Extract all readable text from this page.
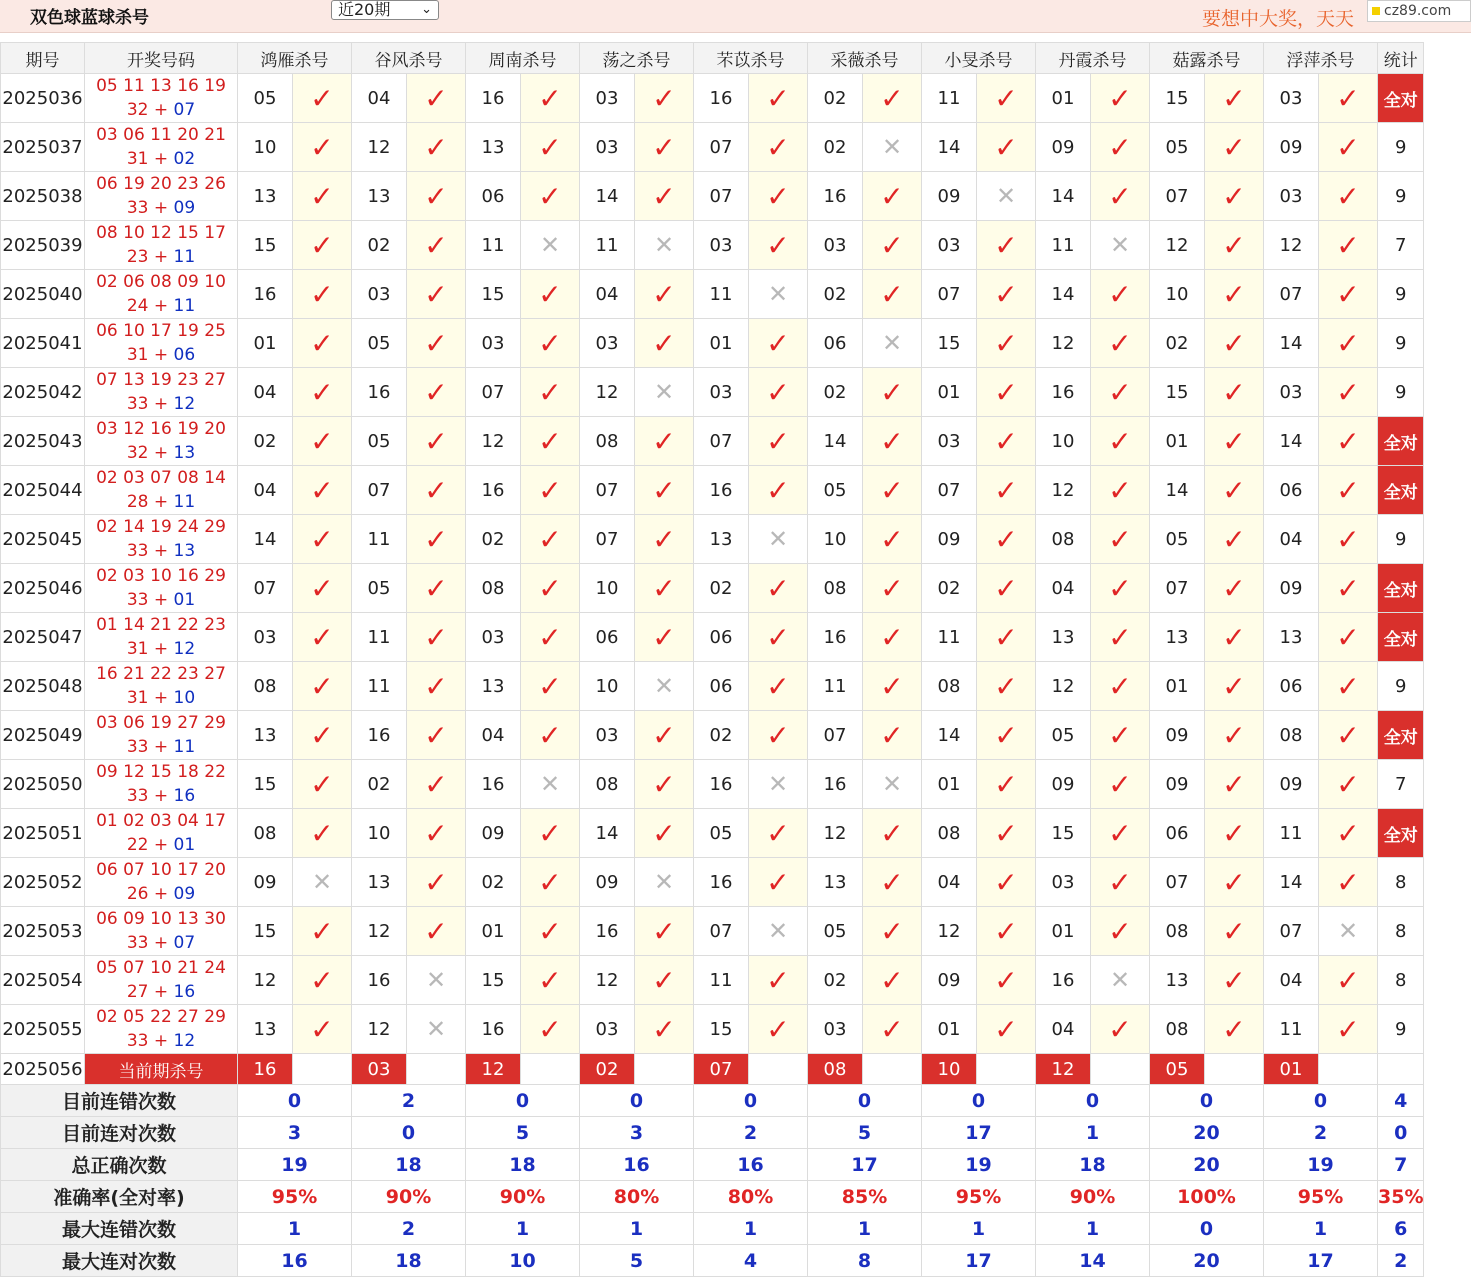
双色球蓝球杀号	近20期 ⌄	要想中大奖，天天	cz89.com
期号	开奖号码	鸿雁杀号		谷风杀号		周南杀号		荡之杀号		芣苡杀号		采薇杀号		小旻杀号		丹霞杀号		菇露杀号		浮萍杀号		统计
2025036	05 11 13 16 19
32 + 07	05	✓	04	✓	16	✓	03	✓	16	✓	02	✓	11	✓	01	✓	15	✓	03	✓	全对
2025037	03 06 11 20 21
31 + 02	10	✓	12	✓	13	✓	03	✓	07	✓	02	✕	14	✓	09	✓	05	✓	09	✓	9
2025038	06 19 20 23 26
33 + 09	13	✓	13	✓	06	✓	14	✓	07	✓	16	✓	09	✕	14	✓	07	✓	03	✓	9
2025039	08 10 12 15 17
23 + 11	15	✓	02	✓	11	✕	11	✕	03	✓	03	✓	03	✓	11	✕	12	✓	12	✓	7
2025040	02 06 08 09 10
24 + 11	16	✓	03	✓	15	✓	04	✓	11	✕	02	✓	07	✓	14	✓	10	✓	07	✓	9
2025041	06 10 17 19 25
31 + 06	01	✓	05	✓	03	✓	03	✓	01	✓	06	✕	15	✓	12	✓	02	✓	14	✓	9
2025042	07 13 19 23 27
33 + 12	04	✓	16	✓	07	✓	12	✕	03	✓	02	✓	01	✓	16	✓	15	✓	03	✓	9
2025043	03 12 16 19 20
32 + 13	02	✓	05	✓	12	✓	08	✓	07	✓	14	✓	03	✓	10	✓	01	✓	14	✓	全对
2025044	02 03 07 08 14
28 + 11	04	✓	07	✓	16	✓	07	✓	16	✓	05	✓	07	✓	12	✓	14	✓	06	✓	全对
2025045	02 14 19 24 29
33 + 13	14	✓	11	✓	02	✓	07	✓	13	✕	10	✓	09	✓	08	✓	05	✓	04	✓	9
2025046	02 03 10 16 29
33 + 01	07	✓	05	✓	08	✓	10	✓	02	✓	08	✓	02	✓	04	✓	07	✓	09	✓	全对
2025047	01 14 21 22 23
31 + 12	03	✓	11	✓	03	✓	06	✓	06	✓	16	✓	11	✓	13	✓	13	✓	13	✓	全对
2025048	16 21 22 23 27
31 + 10	08	✓	11	✓	13	✓	10	✕	06	✓	11	✓	08	✓	12	✓	01	✓	06	✓	9
2025049	03 06 19 27 29
33 + 11	13	✓	16	✓	04	✓	03	✓	02	✓	07	✓	14	✓	05	✓	09	✓	08	✓	全对
2025050	09 12 15 18 22
33 + 16	15	✓	02	✓	16	✕	08	✓	16	✕	16	✕	01	✓	09	✓	09	✓	09	✓	7
2025051	01 02 03 04 17
22 + 01	08	✓	10	✓	09	✓	14	✓	05	✓	12	✓	08	✓	15	✓	06	✓	11	✓	全对
2025052	06 07 10 17 20
26 + 09	09	✕	13	✓	02	✓	09	✕	16	✓	13	✓	04	✓	03	✓	07	✓	14	✓	8
2025053	06 09 10 13 30
33 + 07	15	✓	12	✓	01	✓	16	✓	07	✕	05	✓	12	✓	01	✓	08	✓	07	✕	8
2025054	05 07 10 21 24
27 + 16	12	✓	16	✕	15	✓	12	✓	11	✓	02	✓	09	✓	16	✕	13	✓	04	✓	8
2025055	02 05 22 27 29
33 + 12	13	✓	12	✕	16	✓	03	✓	15	✓	03	✓	01	✓	04	✓	08	✓	11	✓	9
2025056	当前期杀号	16		03		12		02		07		08		10		12		05		01		
目前连错次数		0		2		0		0		0		0		0		0		0		0		4
目前连对次数		3		0		5		3		2		5		17		1		20		2		0
总正确次数		19		18		18		16		16		17		19		18		20		19		7
准确率(全对率)		95%		90%		90%		80%		80%		85%		95%		90%		100%		95%		35%
最大连错次数		1		2		1		1		1		1		1		1		0		1		6
最大连对次数		16		18		10		5		4		8		17		14		20		17		2
